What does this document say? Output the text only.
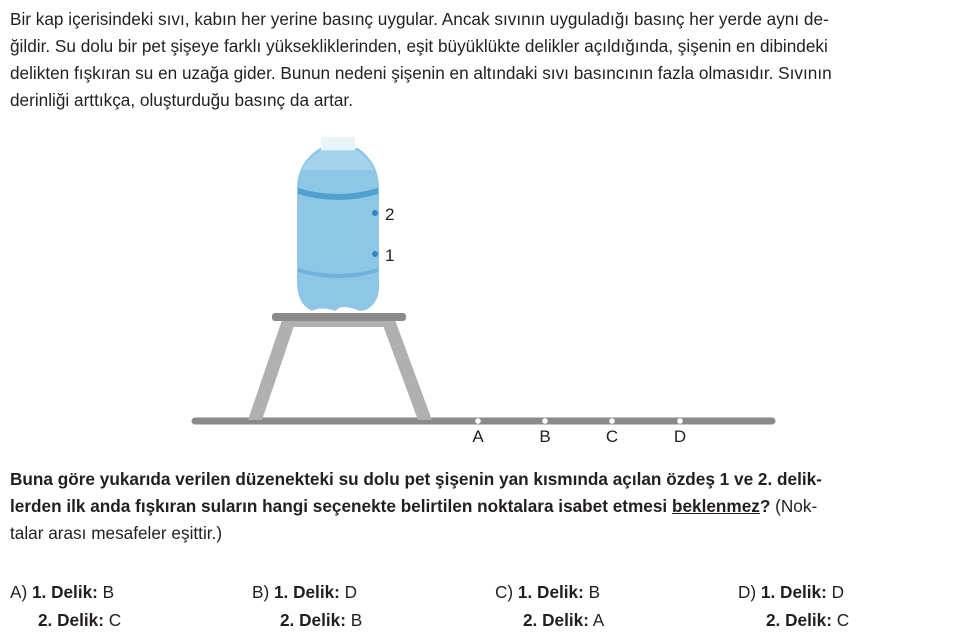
Bir kap içerisindeki sıvı, kabın her yerine basınç uygular. Ancak sıvının uyguladığı basınç her yerde aynı de-
ğildir. Su dolu bir pet şişeye farklı yüksekliklerinden, eşit büyüklükte delikler açıldığında, şişenin en dibindeki
delikten fışkıran su en uzağa gider. Bunun nedeni şişenin en altındaki sıvı basıncının fazla olmasıdır. Sıvının
derinliği arttıkça, oluşturduğu basınç da artar.
2
1
A	B	C	D
Buna göre yukarıda verilen düzenekteki su dolu pet şişenin yan kısmında açılan özdeş 1 ve 2. delik-
lerden ilk anda fışkıran suların hangi seçenekte belirtilen noktalara isabet etmesi beklenmez? (Nok-
talar arası mesafeler eşittir.)
A) 1. Delik: B
2. Delik: C
B) 1. Delik: D
2. Delik: B
C) 1. Delik: B
2. Delik: A
D) 1. Delik: D
2. Delik: C
